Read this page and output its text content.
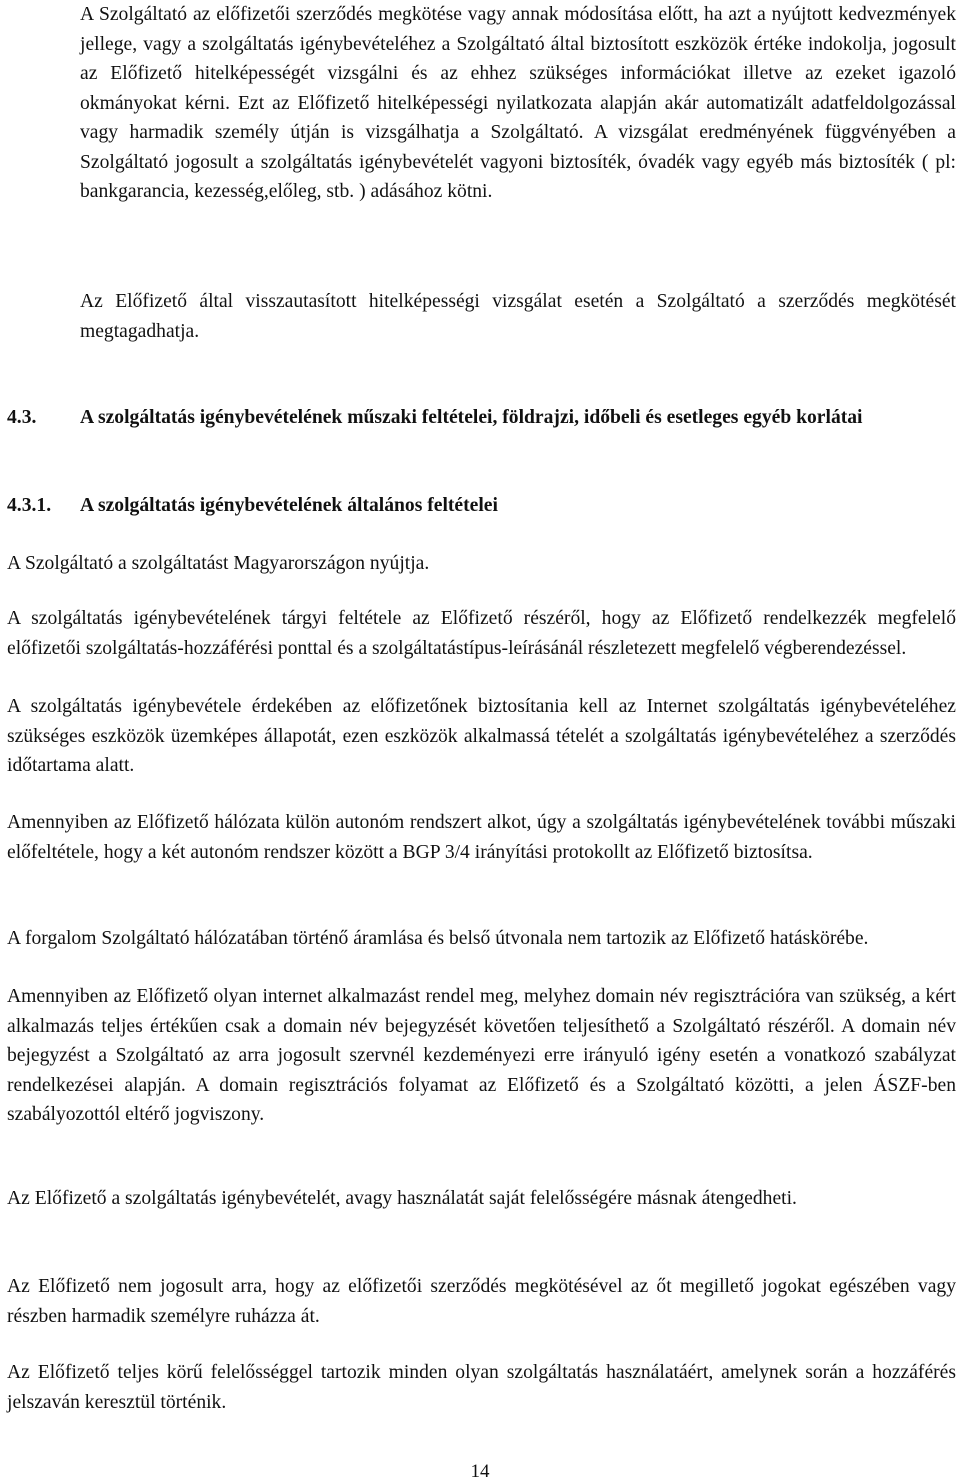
A Szolgáltató az előfizetői szerződés megkötése vagy annak módosítása előtt, ha azt a nyújtott kedvezmények jellege, vagy a szolgáltatás igénybevételéhez a Szolgáltató által biztosított eszközök értéke indokolja, jogosult az Előfizető hitelképességét vizsgálni és az ehhez szükséges információkat illetve az ezeket igazoló okmányokat kérni. Ezt az Előfizető hitelképességi nyilatkozata alapján akár automatizált adatfeldolgozással vagy harmadik személy útján is vizsgálhatja a Szolgáltató. A vizsgálat eredményének függvényében a Szolgáltató jogosult a szolgáltatás igénybevételét vagyoni biztosíték, óvadék vagy egyéb más biztosíték ( pl: bankgarancia, kezesség,előleg, stb. ) adásához kötni.

Az Előfizető által visszautasított hitelképességi vizsgálat esetén a Szolgáltató a szerződés megkötését megtagadhatja.

4.3. A szolgáltatás igénybevételének műszaki feltételei, földrajzi, időbeli és esetleges egyéb korlátai
4.3.1. A szolgáltatás igénybevételének általános feltételei

A Szolgáltató a szolgáltatást Magyarországon nyújtja.

A szolgáltatás igénybevételének tárgyi feltétele az Előfizető részéről, hogy az Előfizető rendelkezzék megfelelő előfizetői szolgáltatás-hozzáférési ponttal és a szolgáltatástípus-leírásánál részletezett megfelelő végberendezéssel.

A szolgáltatás igénybevétele érdekében az előfizetőnek biztosítania kell az Internet szolgáltatás igénybevételéhez szükséges eszközök üzemképes állapotát, ezen eszközök alkalmassá tételét a szolgáltatás igénybevételéhez a szerződés időtartama alatt.

Amennyiben az Előfizető hálózata külön autonóm rendszert alkot, úgy a szolgáltatás igénybevételének további műszaki előfeltétele, hogy a két autonóm rendszer között a BGP 3/4 irányítási protokollt az Előfizető biztosítsa.

A forgalom Szolgáltató hálózatában történő áramlása és belső útvonala nem tartozik az Előfizető hatáskörébe.

Amennyiben az Előfizető olyan internet alkalmazást rendel meg, melyhez domain név regisztrációra van szükség, a kért alkalmazás teljes értékűen csak a domain név bejegyzését követően teljesíthető a Szolgáltató részéről. A domain név bejegyzést a Szolgáltató az arra jogosult szervnél kezdeményezi erre irányuló igény esetén a vonatkozó szabályzat rendelkezései alapján. A domain regisztrációs folyamat az Előfizető és a Szolgáltató közötti, a jelen ÁSZF-ben szabályozottól eltérő jogviszony.

Az Előfizető a szolgáltatás igénybevételét, avagy használatát saját felelősségére másnak átengedheti.

Az Előfizető nem jogosult arra, hogy az előfizetői szerződés megkötésével az őt megillető jogokat egészében vagy részben harmadik személyre ruházza át.

Az Előfizető teljes körű felelősséggel tartozik minden olyan szolgáltatás használatáért, amelynek során a hozzáférés jelszaván keresztül történik.

14
